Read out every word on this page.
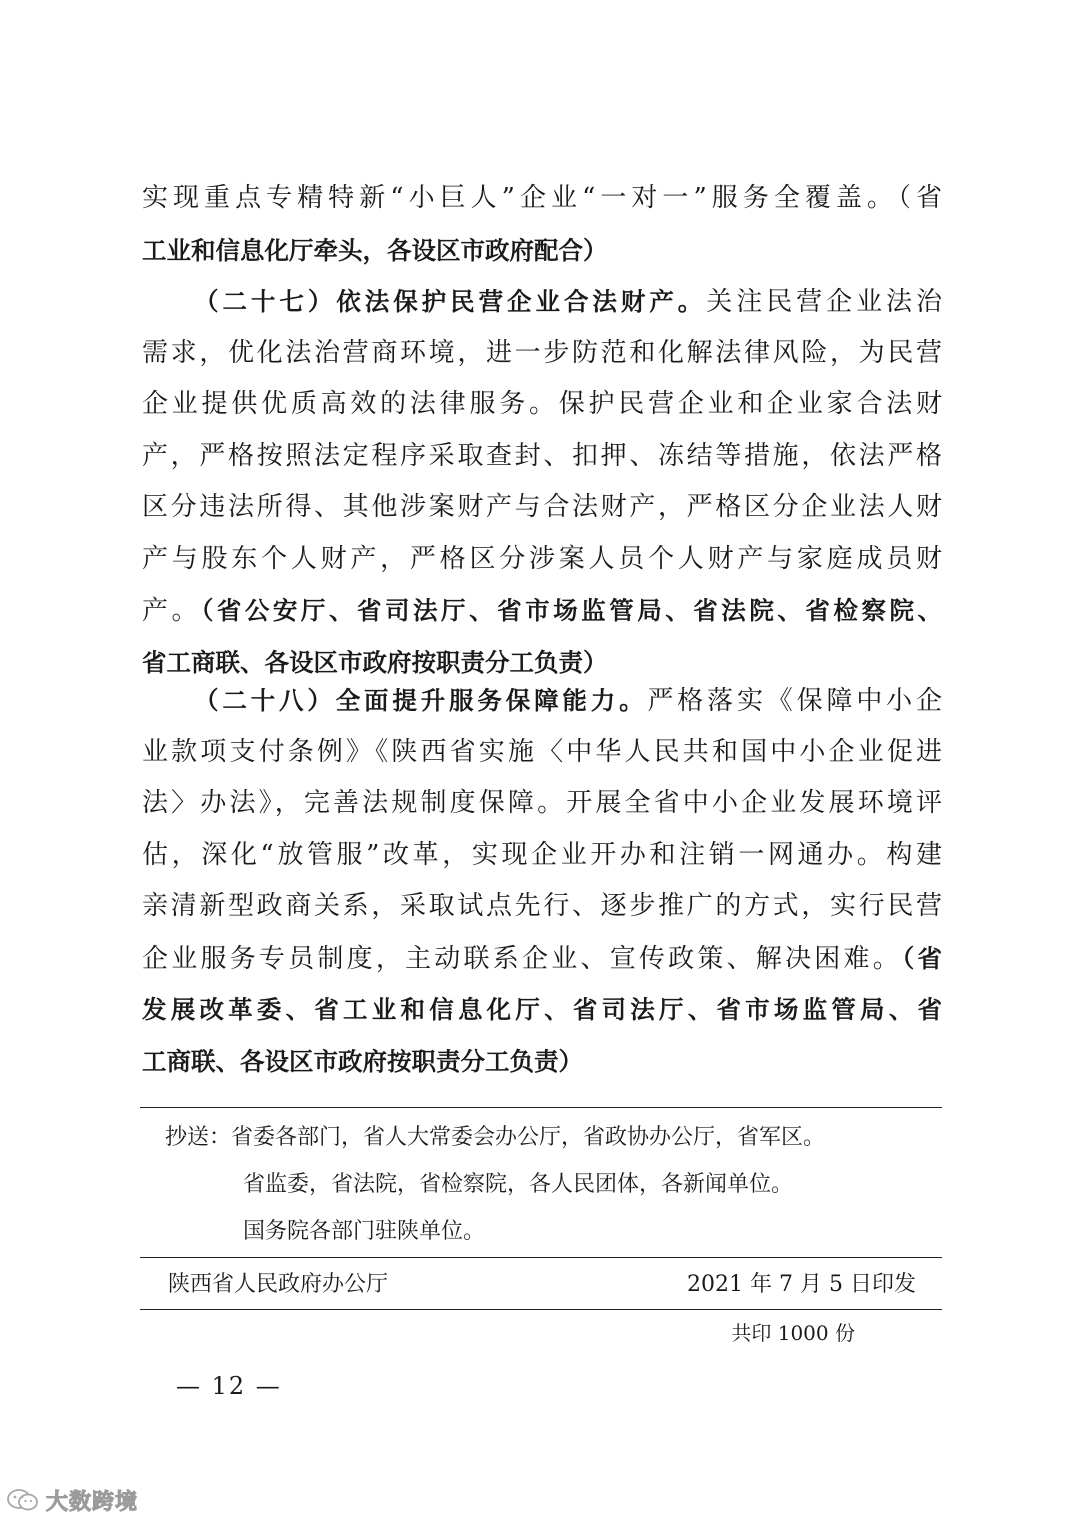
实现重点专精特新“小巨人”企业“一对一”服务全覆盖。（省
工业和信息化厅牵头，各设区市政府配合）
（二十七）依法保护民营企业合法财产。关注民营企业法治
需求，优化法治营商环境，进一步防范和化解法律风险，为民营
企业提供优质高效的法律服务。保护民营企业和企业家合法财
产，严格按照法定程序采取查封、扣押、冻结等措施，依法严格
区分违法所得、其他涉案财产与合法财产，严格区分企业法人财
产与股东个人财产，严格区分涉案人员个人财产与家庭成员财
产。（省公安厅、省司法厅、省市场监管局、省法院、省检察院、
省工商联、各设区市政府按职责分工负责）
（二十八）全面提升服务保障能力。严格落实《保障中小企
业款项支付条例》《陕西省实施〈中华人民共和国中小企业促进
法〉办法》，完善法规制度保障。开展全省中小企业发展环境评
估，深化“放管服”改革，实现企业开办和注销一网通办。构建
亲清新型政商关系，采取试点先行、逐步推广的方式，实行民营
企业服务专员制度，主动联系企业、宣传政策、解决困难。（省
发展改革委、省工业和信息化厅、省司法厅、省市场监管局、省
工商联、各设区市政府按职责分工负责）
抄送：省委各部门，省人大常委会办公厅，省政协办公厅，省军区。
省监委，省法院，省检察院，各人民团体，各新闻单位。
国务院各部门驻陕单位。
陕西省人民政府办公厅	2021 年 7 月 5 日印发
共印 1000 份
— 12 —
大数跨境
